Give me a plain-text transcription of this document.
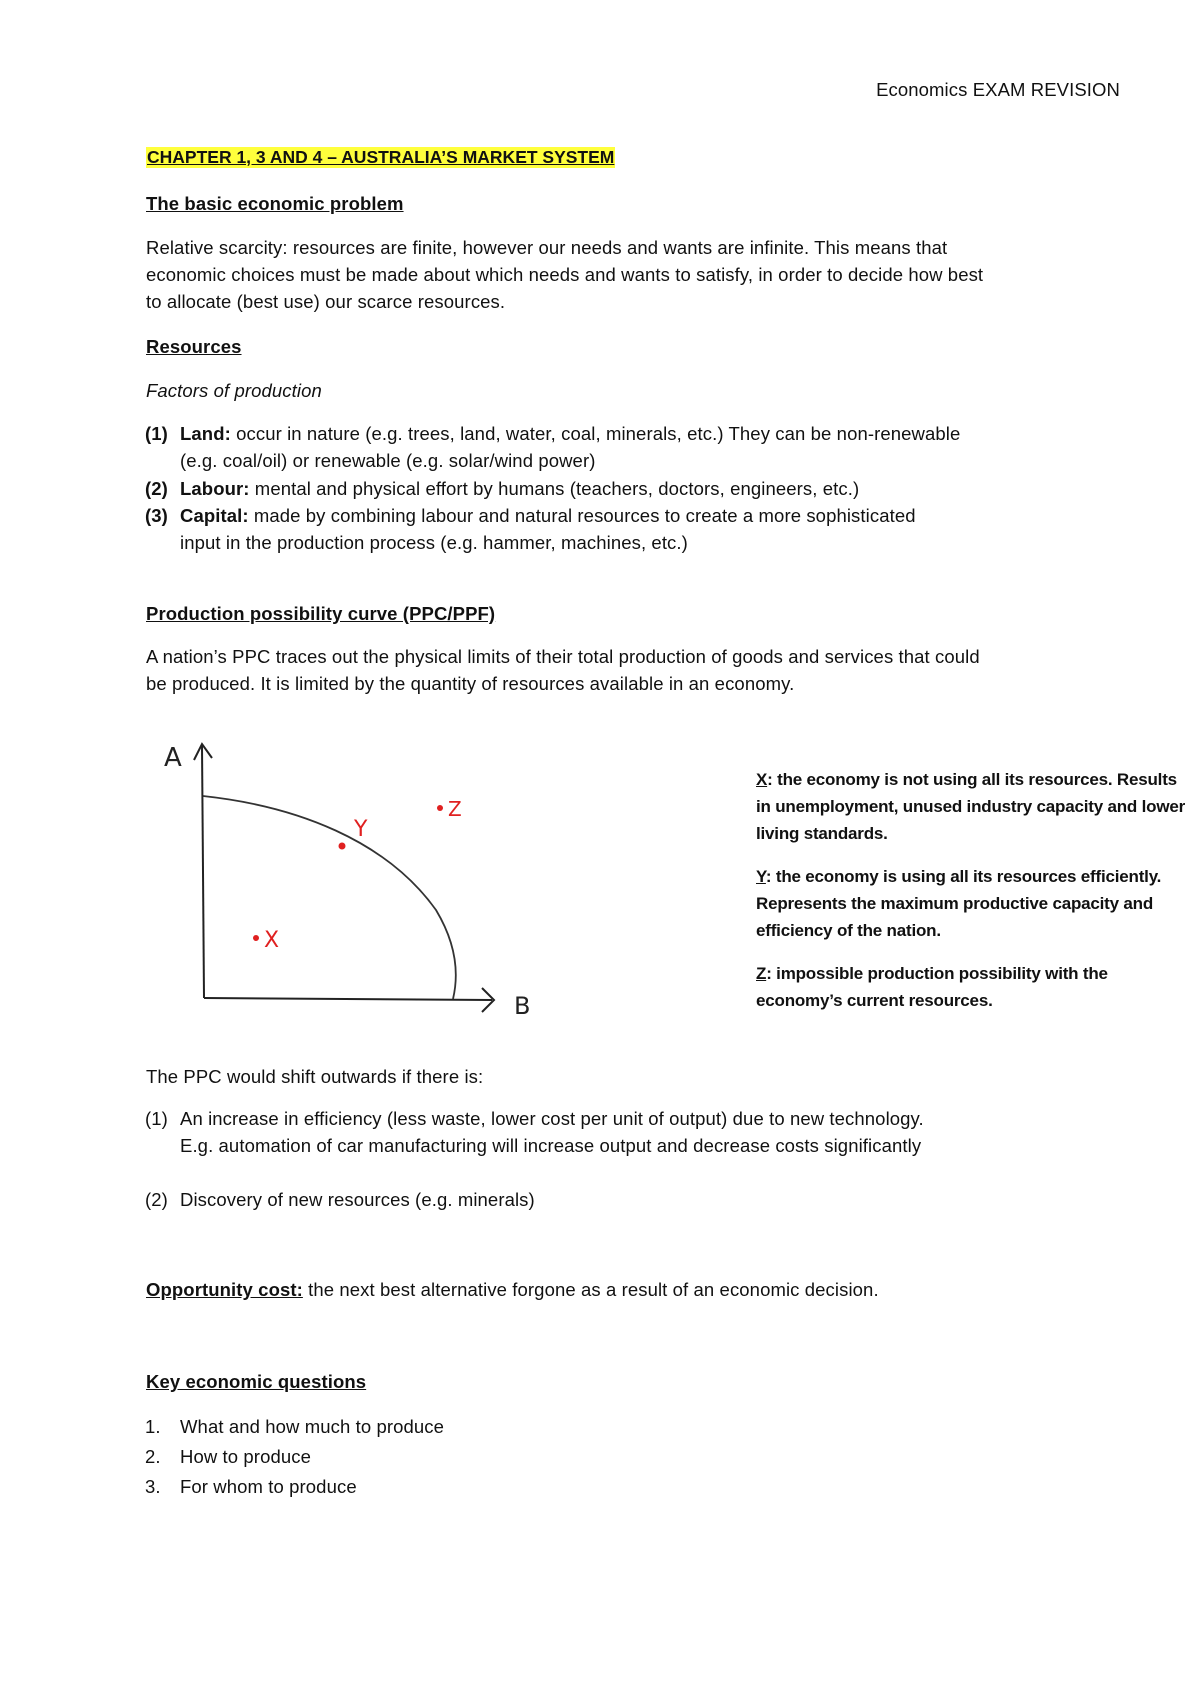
Economics EXAM REVISION
CHAPTER 1, 3 AND 4 – AUSTRALIA’S MARKET SYSTEM
The basic economic problem
Relative scarcity: resources are finite, however our needs and wants are infinite. This means that
economic choices must be made about which needs and wants to satisfy, in order to decide how best
to allocate (best use) our scarce resources.
Resources
Factors of production
(1) Land: occur in nature (e.g. trees, land, water, coal, minerals, etc.) They can be non-renewable
(e.g. coal/oil) or renewable (e.g. solar/wind power)
(2) Labour: mental and physical effort by humans (teachers, doctors, engineers, etc.)
(3) Capital: made by combining labour and natural resources to create a more sophisticated
input in the production process (e.g. hammer, machines, etc.)
Production possibility curve (PPC/PPF)
A nation’s PPC traces out the physical limits of their total production of goods and services that could
be produced. It is limited by the quantity of resources available in an economy.
A
B
Y
Z
X

X: the economy is not using all its resources. Results in unemployment, unused industry capacity and lower living standards.

Y: the economy is using all its resources efficiently. Represents the maximum productive capacity and efficiency of the nation.

Z: impossible production possibility with the economy’s current resources.

The PPC would shift outwards if there is:
(1) An increase in efficiency (less waste, lower cost per unit of output) due to new technology.
E.g. automation of car manufacturing will increase output and decrease costs significantly
(2) Discovery of new resources (e.g. minerals)
Opportunity cost: the next best alternative forgone as a result of an economic decision.
Key economic questions
1. What and how much to produce
2. How to produce
3. For whom to produce
